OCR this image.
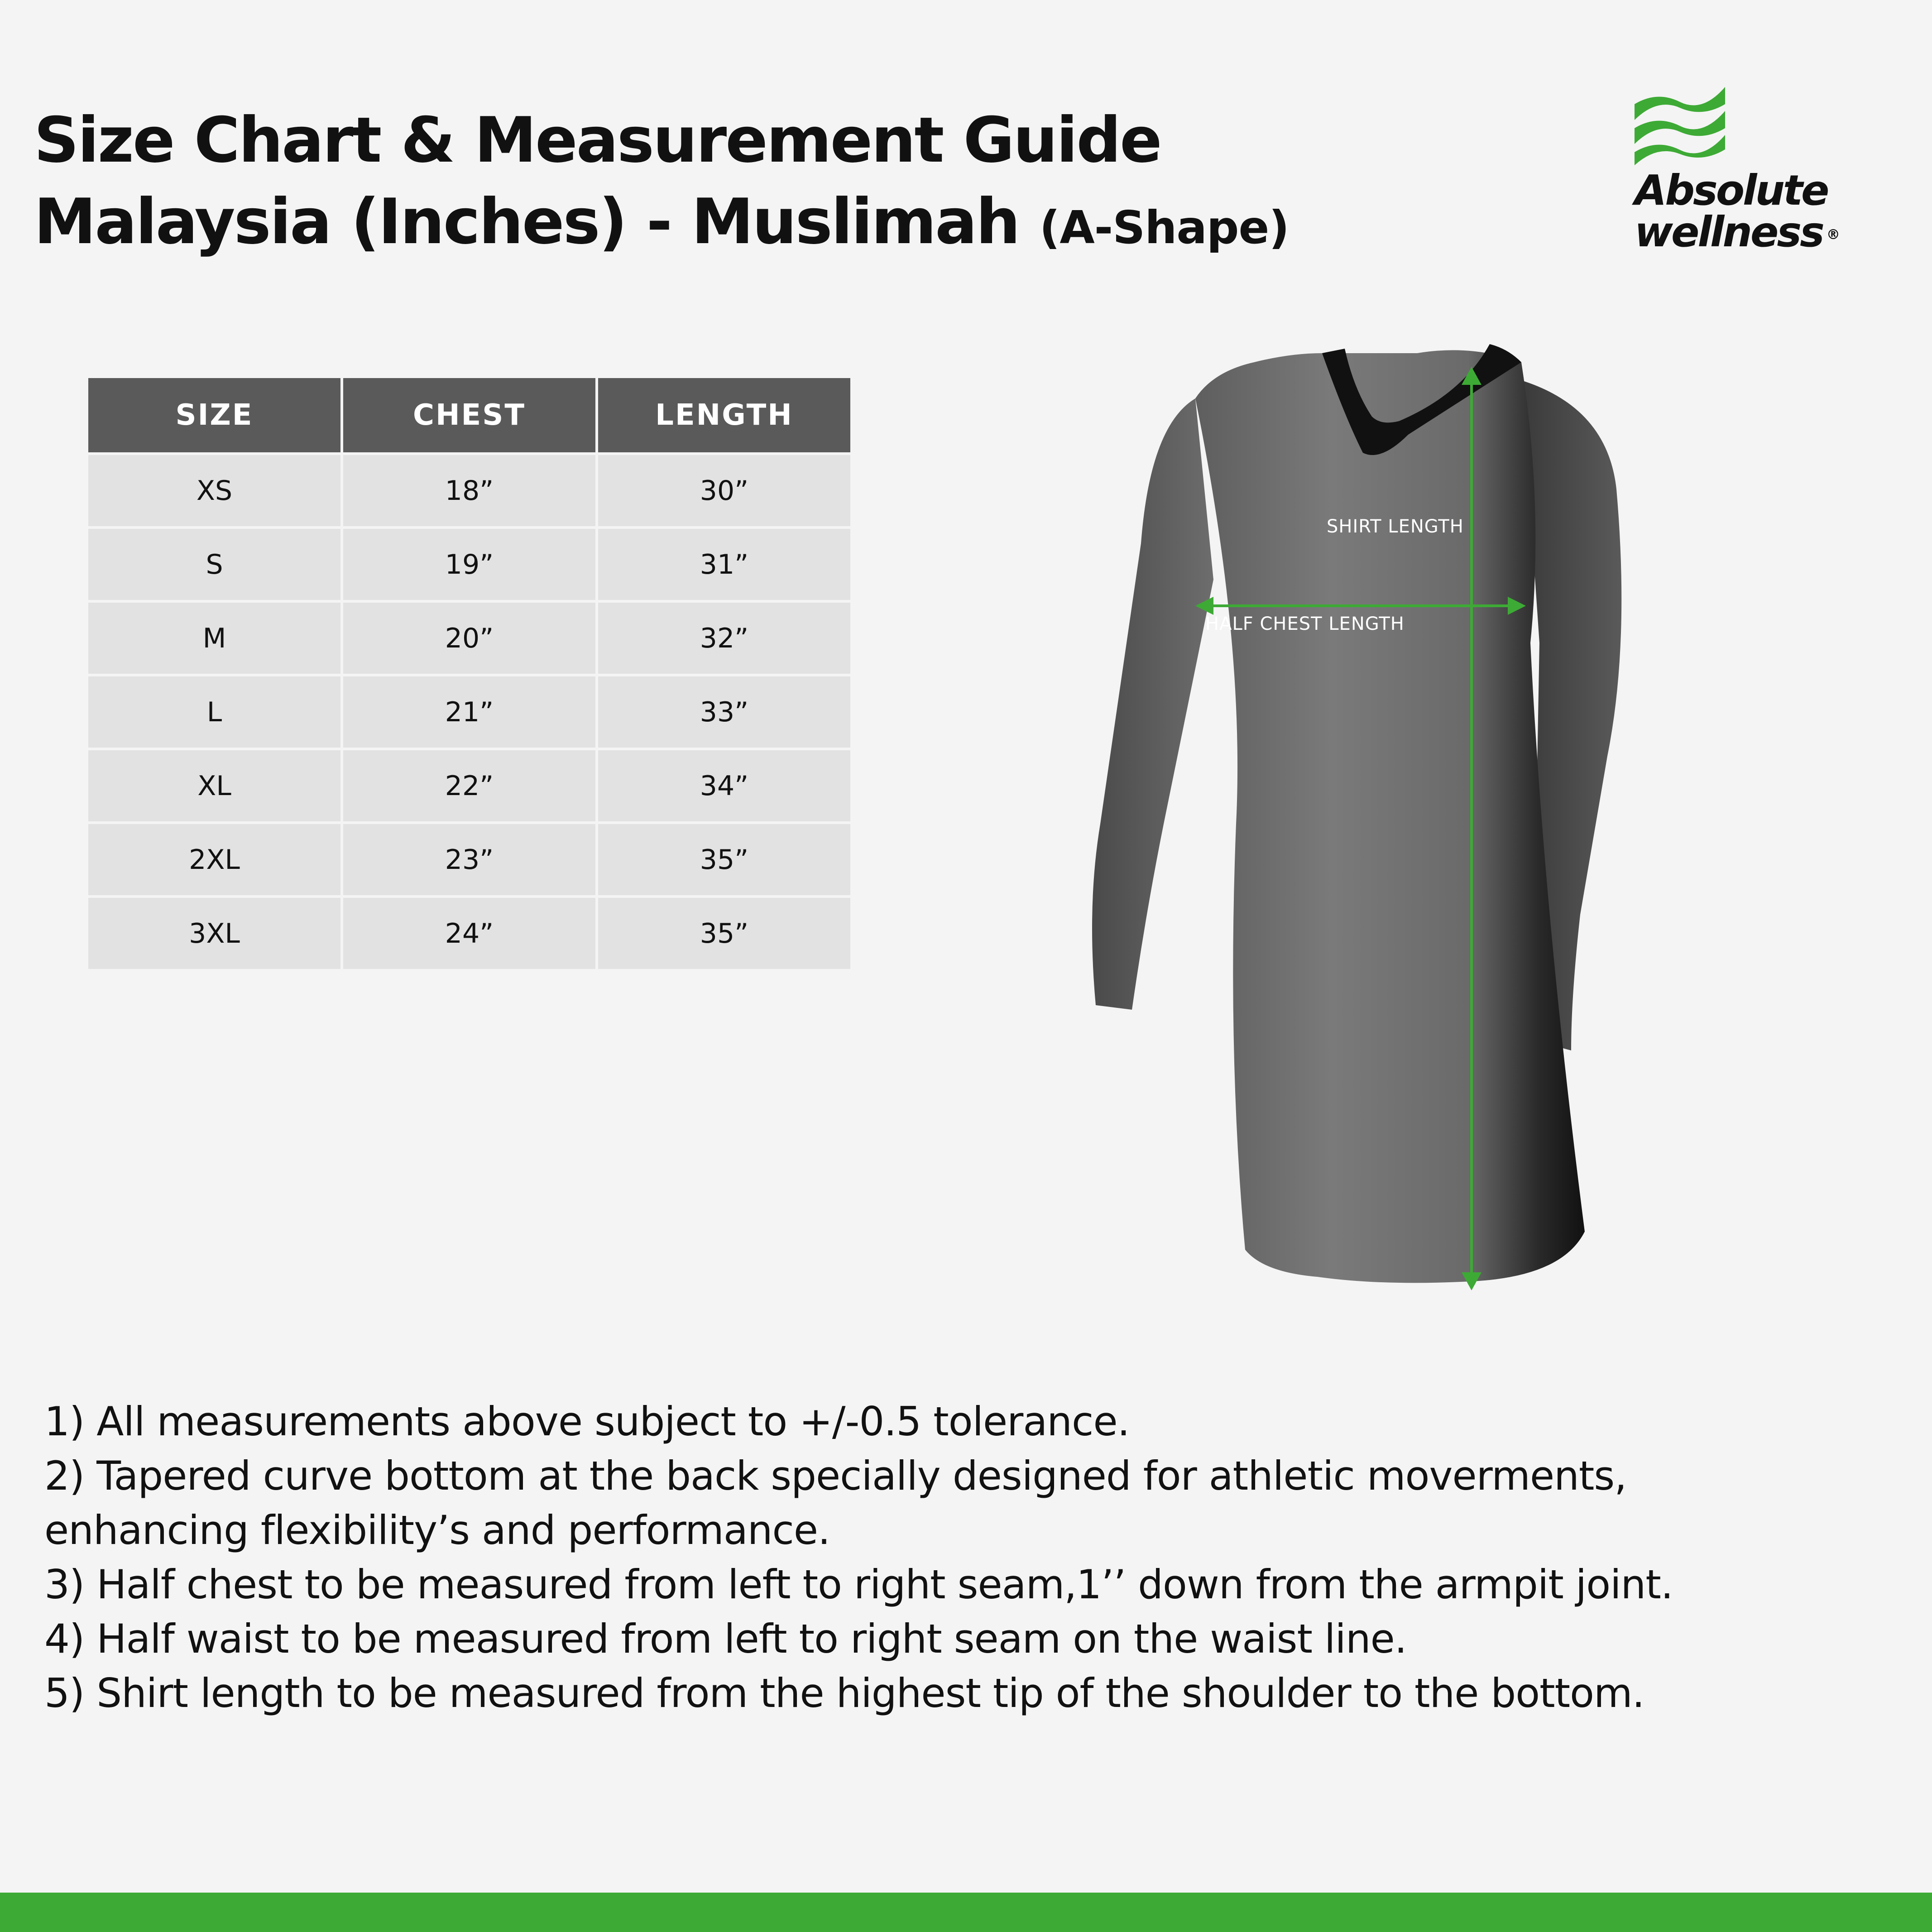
Size Chart & Measurement Guide
Malaysia (Inches) - Muslimah (A-Shape)
Absolute
wellness ®
SIZE	CHEST	LENGTH
XS	18”	30”
S	19”	31”
M	20”	32”
L	21”	33”
XL	22”	34”
2XL	23”	35”
3XL	24”	35”
SHIRT LENGTH
HALF CHEST LENGTH
1) All measurements above subject to +/-0.5 tolerance.
2) Tapered curve bottom at the back specially designed for athletic moverments,
enhancing flexibility’s and performance.
3) Half chest to be measured from left to right seam,1’’ down from the armpit joint.
4) Half waist to be measured from left to right seam on the waist line.
5) Shirt length to be measured from the highest tip of the shoulder to the bottom.
